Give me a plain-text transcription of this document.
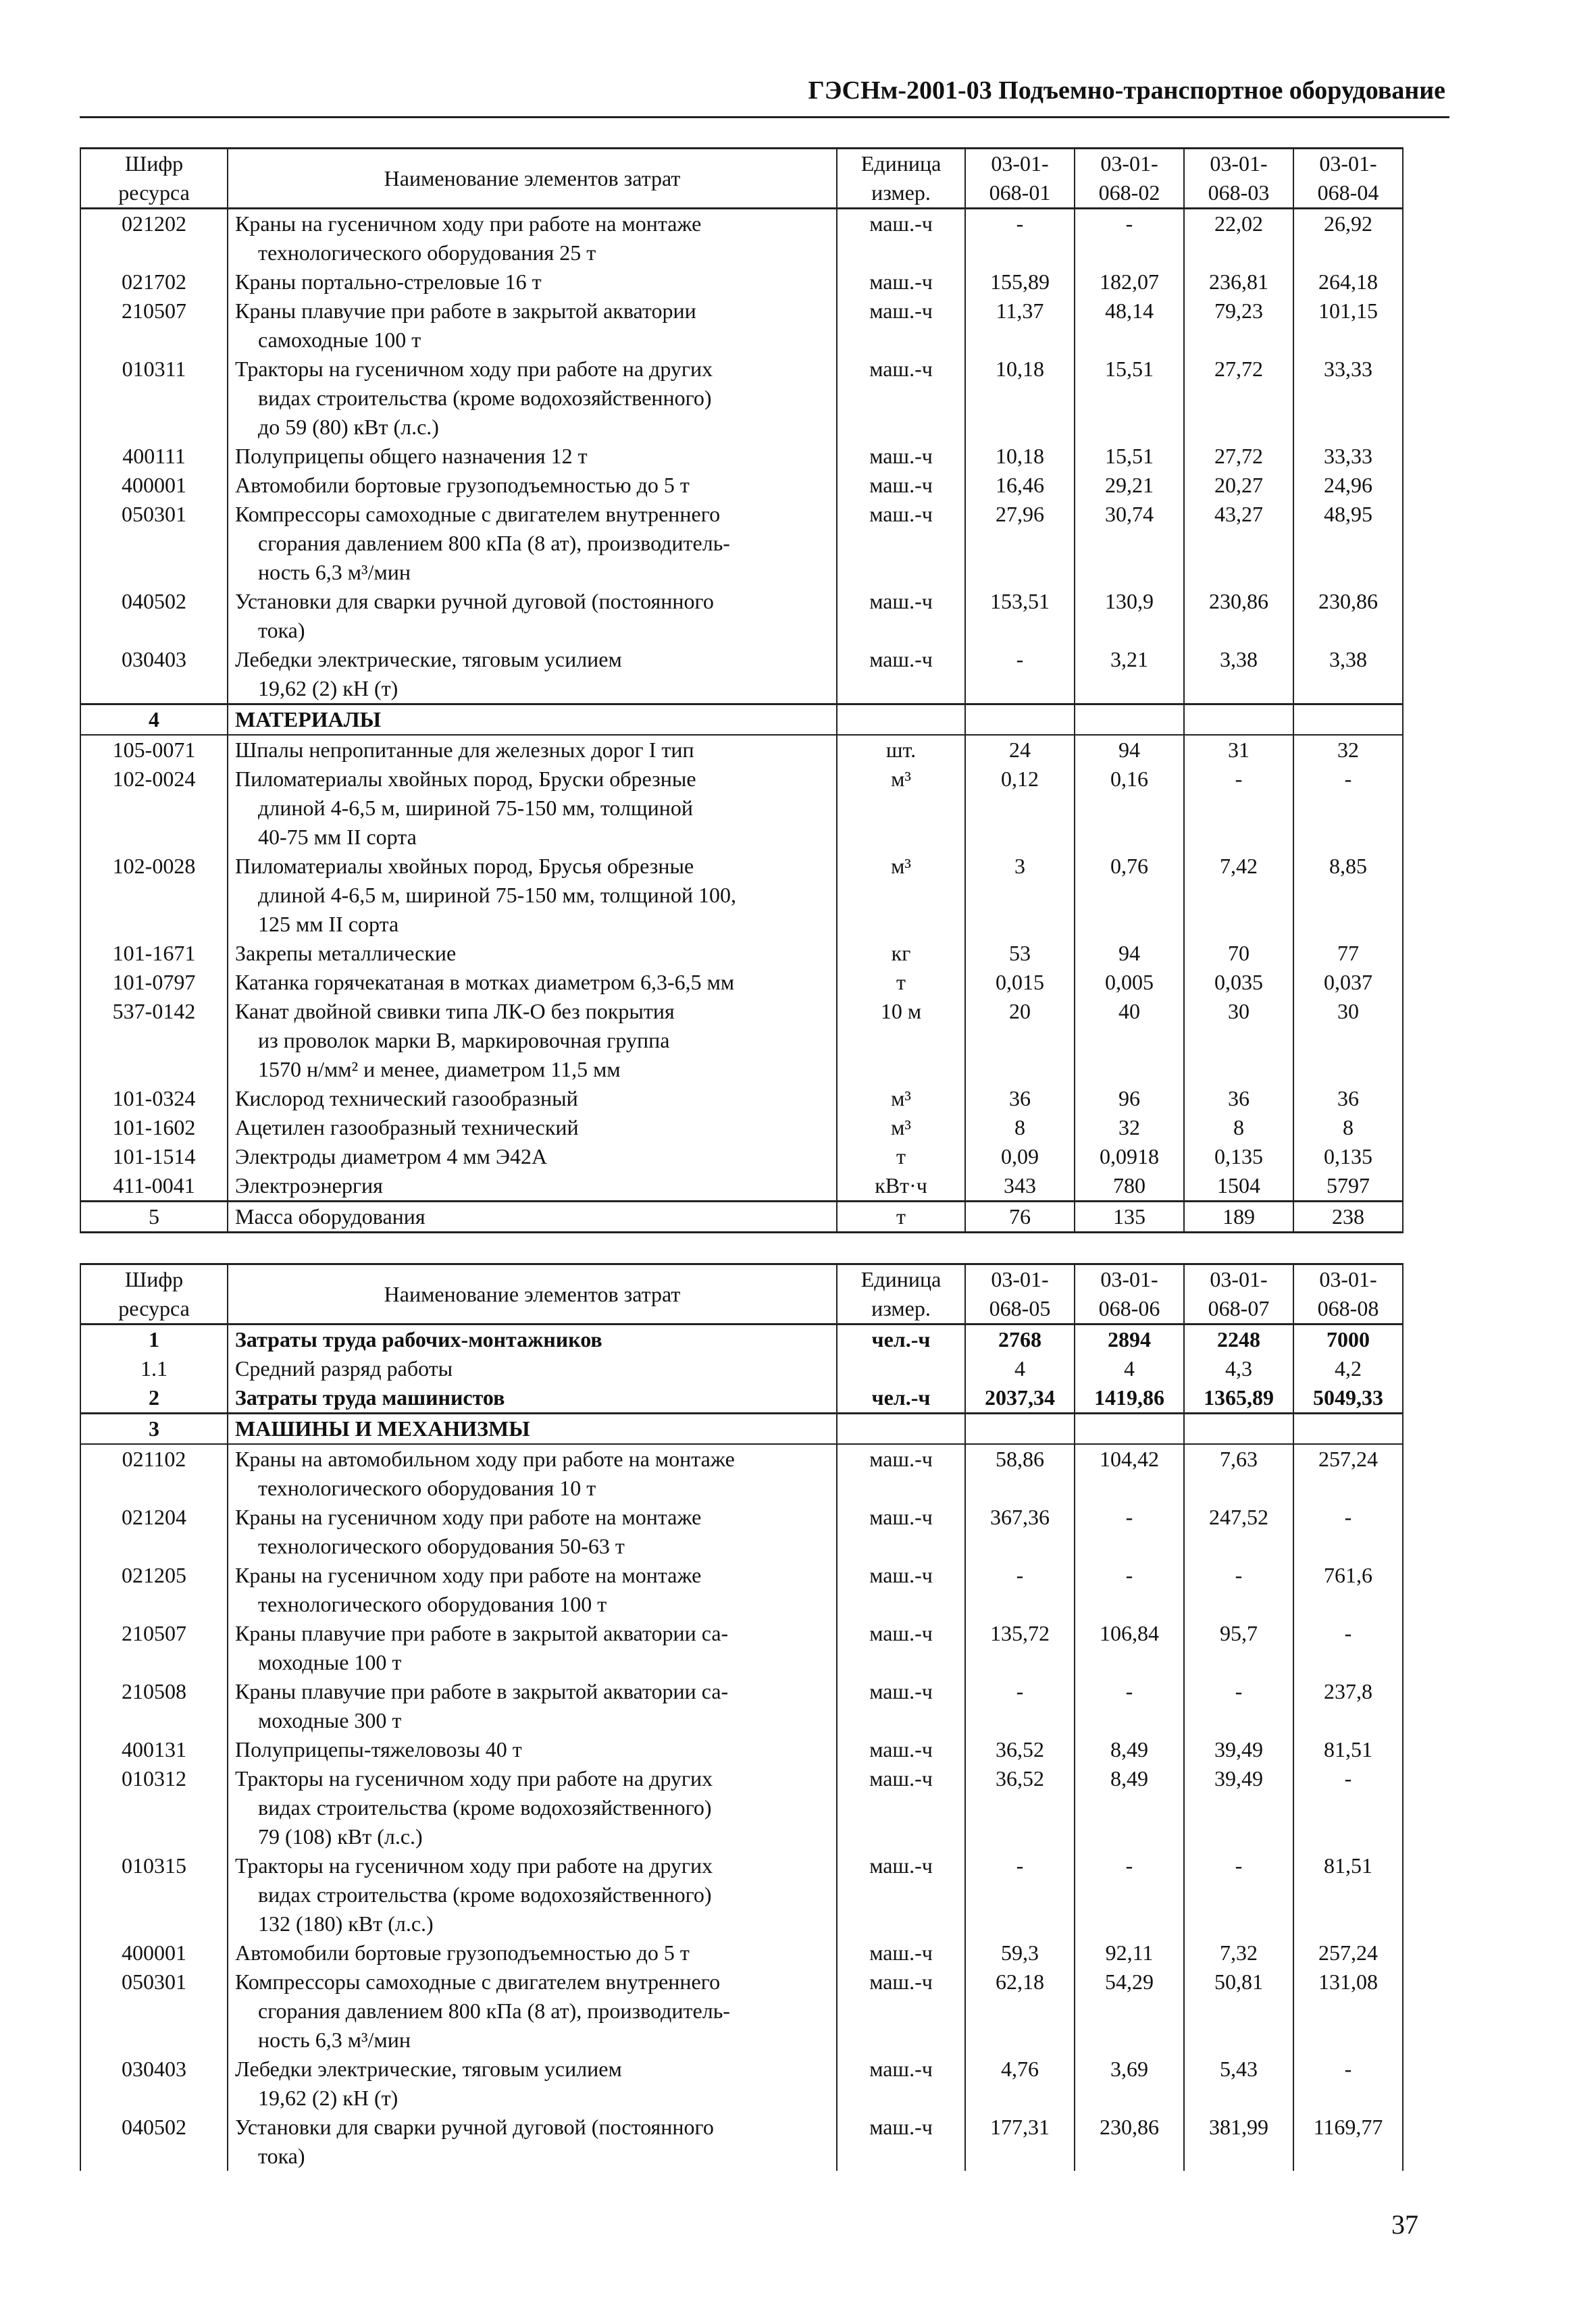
ГЭСНм-2001-03 Подъемно-транспортное оборудование
Шифр ресурса	Наименование элементов затрат	Единица измер.	03-01-068-01	03-01-068-02	03-01-068-03	03-01-068-04
021202	Краны на гусеничном ходу при работе на монтаже
технологического оборудования 25 т	маш.-ч	-	-	22,02	26,92
021702	Краны портально-стреловые 16 т	маш.-ч	155,89	182,07	236,81	264,18
210507	Краны плавучие при работе в закрытой акватории
самоходные 100 т	маш.-ч	11,37	48,14	79,23	101,15
010311	Тракторы на гусеничном ходу при работе на других
видах строительства (кроме водохозяйственного)
до 59 (80) кВт (л.с.)	маш.-ч	10,18	15,51	27,72	33,33
400111	Полуприцепы общего назначения 12 т	маш.-ч	10,18	15,51	27,72	33,33
400001	Автомобили бортовые грузоподъемностью до 5 т	маш.-ч	16,46	29,21	20,27	24,96
050301	Компрессоры самоходные с двигателем внутреннего
сгорания давлением 800 кПа (8 ат), производитель-
ность 6,3 м³/мин	маш.-ч	27,96	30,74	43,27	48,95
040502	Установки для сварки ручной дуговой (постоянного
тока)	маш.-ч	153,51	130,9	230,86	230,86
030403	Лебедки электрические, тяговым усилием
19,62 (2) кН (т)	маш.-ч	-	3,21	3,38	3,38
4	МАТЕРИАЛЫ					
105-0071	Шпалы непропитанные для железных дорог I тип	шт.	24	94	31	32
102-0024	Пиломатериалы хвойных пород, Бруски обрезные
длиной 4-6,5 м, шириной 75-150 мм, толщиной
40-75 мм II сорта	м³	0,12	0,16	-	-
102-0028	Пиломатериалы хвойных пород, Брусья обрезные
длиной 4-6,5 м, шириной 75-150 мм, толщиной 100,
125 мм II сорта	м³	3	0,76	7,42	8,85
101-1671	Закрепы металлические	кг	53	94	70	77
101-0797	Катанка горячекатаная в мотках диаметром 6,3-6,5 мм	т	0,015	0,005	0,035	0,037
537-0142	Канат двойной свивки типа ЛК-О без покрытия
из проволок марки В, маркировочная группа
1570 н/мм² и менее, диаметром 11,5 мм	10 м	20	40	30	30
101-0324	Кислород технический газообразный	м³	36	96	36	36
101-1602	Ацетилен газообразный технический	м³	8	32	8	8
101-1514	Электроды диаметром 4 мм Э42А	т	0,09	0,0918	0,135	0,135
411-0041	Электроэнергия	кВт·ч	343	780	1504	5797
5	Масса оборудования	т	76	135	189	238
Шифр ресурса	Наименование элементов затрат	Единица измер.	03-01-068-05	03-01-068-06	03-01-068-07	03-01-068-08
1	Затраты труда рабочих-монтажников	чел.-ч	2768	2894	2248	7000
1.1	Средний разряд работы		4	4	4,3	4,2
2	Затраты труда машинистов	чел.-ч	2037,34	1419,86	1365,89	5049,33
3	МАШИНЫ И МЕХАНИЗМЫ					
021102	Краны на автомобильном ходу при работе на монтаже
технологического оборудования 10 т	маш.-ч	58,86	104,42	7,63	257,24
021204	Краны на гусеничном ходу при работе на монтаже
технологического оборудования 50-63 т	маш.-ч	367,36	-	247,52	-
021205	Краны на гусеничном ходу при работе на монтаже
технологического оборудования 100 т	маш.-ч	-	-	-	761,6
210507	Краны плавучие при работе в закрытой акватории са-
моходные 100 т	маш.-ч	135,72	106,84	95,7	-
210508	Краны плавучие при работе в закрытой акватории са-
моходные 300 т	маш.-ч	-	-	-	237,8
400131	Полуприцепы-тяжеловозы 40 т	маш.-ч	36,52	8,49	39,49	81,51
010312	Тракторы на гусеничном ходу при работе на других
видах строительства (кроме водохозяйственного)
79 (108) кВт (л.с.)	маш.-ч	36,52	8,49	39,49	-
010315	Тракторы на гусеничном ходу при работе на других
видах строительства (кроме водохозяйственного)
132 (180) кВт (л.с.)	маш.-ч	-	-	-	81,51
400001	Автомобили бортовые грузоподъемностью до 5 т	маш.-ч	59,3	92,11	7,32	257,24
050301	Компрессоры самоходные с двигателем внутреннего
сгорания давлением 800 кПа (8 ат), производитель-
ность 6,3 м³/мин	маш.-ч	62,18	54,29	50,81	131,08
030403	Лебедки электрические, тяговым усилием
19,62 (2) кН (т)	маш.-ч	4,76	3,69	5,43	-
040502	Установки для сварки ручной дуговой (постоянного
тока)	маш.-ч	177,31	230,86	381,99	1169,77
37
